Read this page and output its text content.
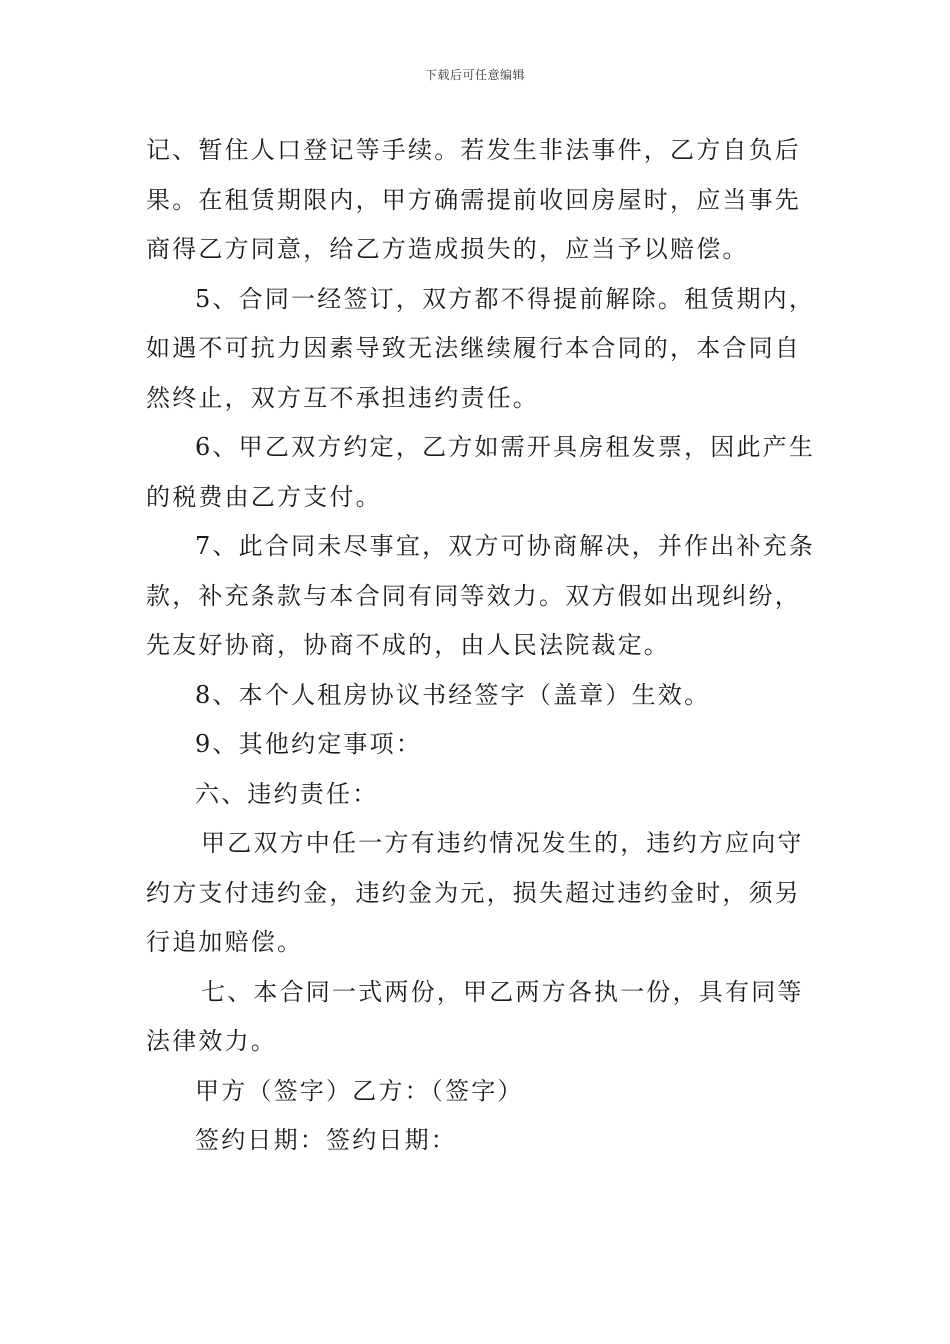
下载后可任意编辑
记、暂住人口登记等手续。若发生非法事件，乙方自负后
果。在租赁期限内，甲方确需提前收回房屋时，应当事先
商得乙方同意，给乙方造成损失的，应当予以赔偿。
5、合同一经签订，双方都不得提前解除。租赁期内，
如遇不可抗力因素导致无法继续履行本合同的，本合同自
然终止，双方互不承担违约责任。
6、甲乙双方约定，乙方如需开具房租发票，因此产生
的税费由乙方支付。
7、此合同未尽事宜，双方可协商解决，并作出补充条
款，补充条款与本合同有同等效力。双方假如出现纠纷，
先友好协商，协商不成的，由人民法院裁定。
8、本个人租房协议书经签字（盖章）生效。
9、其他约定事项：
六、违约责任：
甲乙双方中任一方有违约情况发生的，违约方应向守
约方支付违约金，违约金为元，损失超过违约金时，须另
行追加赔偿。
七、本合同一式两份，甲乙两方各执一份，具有同等
法律效力。
甲方（签字）乙方：（签字）
签约日期：签约日期：
